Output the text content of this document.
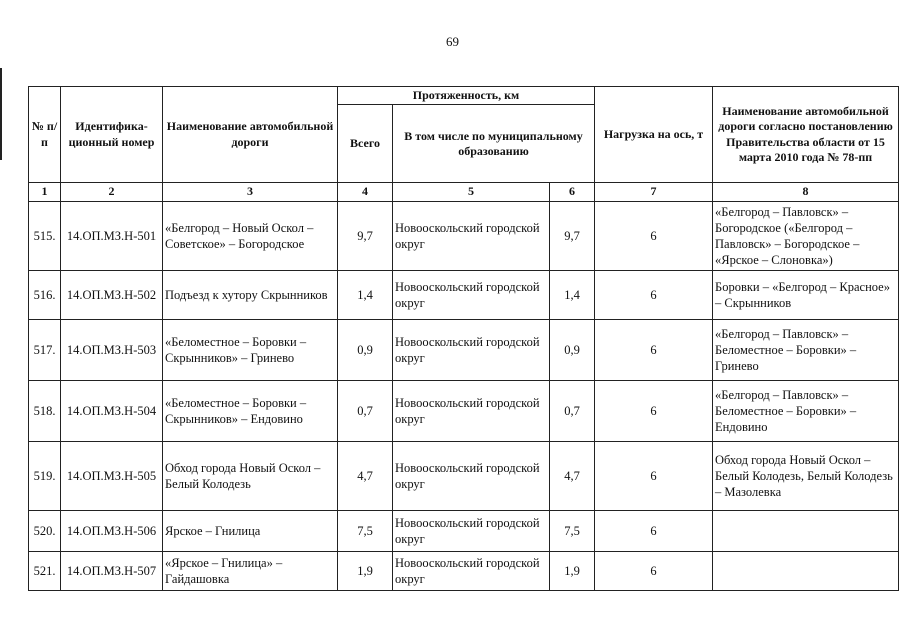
69
№ п/п	Идентифика-ционный номер	Наименование автомобильной дороги	Протяженность, км			Нагрузка на ось, т	Наименование автомобильной дороги согласно постановлению Правительства области от 15 марта 2010 года № 78-пп
			Всего	В том числе по муниципальному образованию			
1	2	3	4	5	6	7	8
515.	14.ОП.МЗ.Н-501	«Белгород – Новый Оскол – Советское» – Богородское	9,7	Новооскольский городской округ	9,7	6	«Белгород – Павловск» – Богородское («Белгород – Павловск» – Богородское – «Ярское – Слоновка»)
516.	14.ОП.МЗ.Н-502	Подъезд к хутору Скрынников	1,4	Новооскольский городской округ	1,4	6	Боровки – «Белгород – Красное» – Скрынников
517.	14.ОП.МЗ.Н-503	«Беломестное – Боровки – Скрынников» – Гринево	0,9	Новооскольский городской округ	0,9	6	«Белгород – Павловск» – Беломестное – Боровки» – Гринево
518.	14.ОП.МЗ.Н-504	«Беломестное – Боровки – Скрынников» – Ендовино	0,7	Новооскольский городской округ	0,7	6	«Белгород – Павловск» – Беломестное – Боровки» – Ендовино
519.	14.ОП.МЗ.Н-505	Обход города Новый Оскол – Белый Колодезь	4,7	Новооскольский городской округ	4,7	6	Обход города Новый Оскол – Белый Колодезь, Белый Колодезь – Мазолевка
520.	14.ОП.МЗ.Н-506	Ярское – Гнилица	7,5	Новооскольский городской округ	7,5	6	
521.	14.ОП.МЗ.Н-507	«Ярское – Гнилица» – Гайдашовка	1,9	Новооскольский городской округ	1,9	6	
